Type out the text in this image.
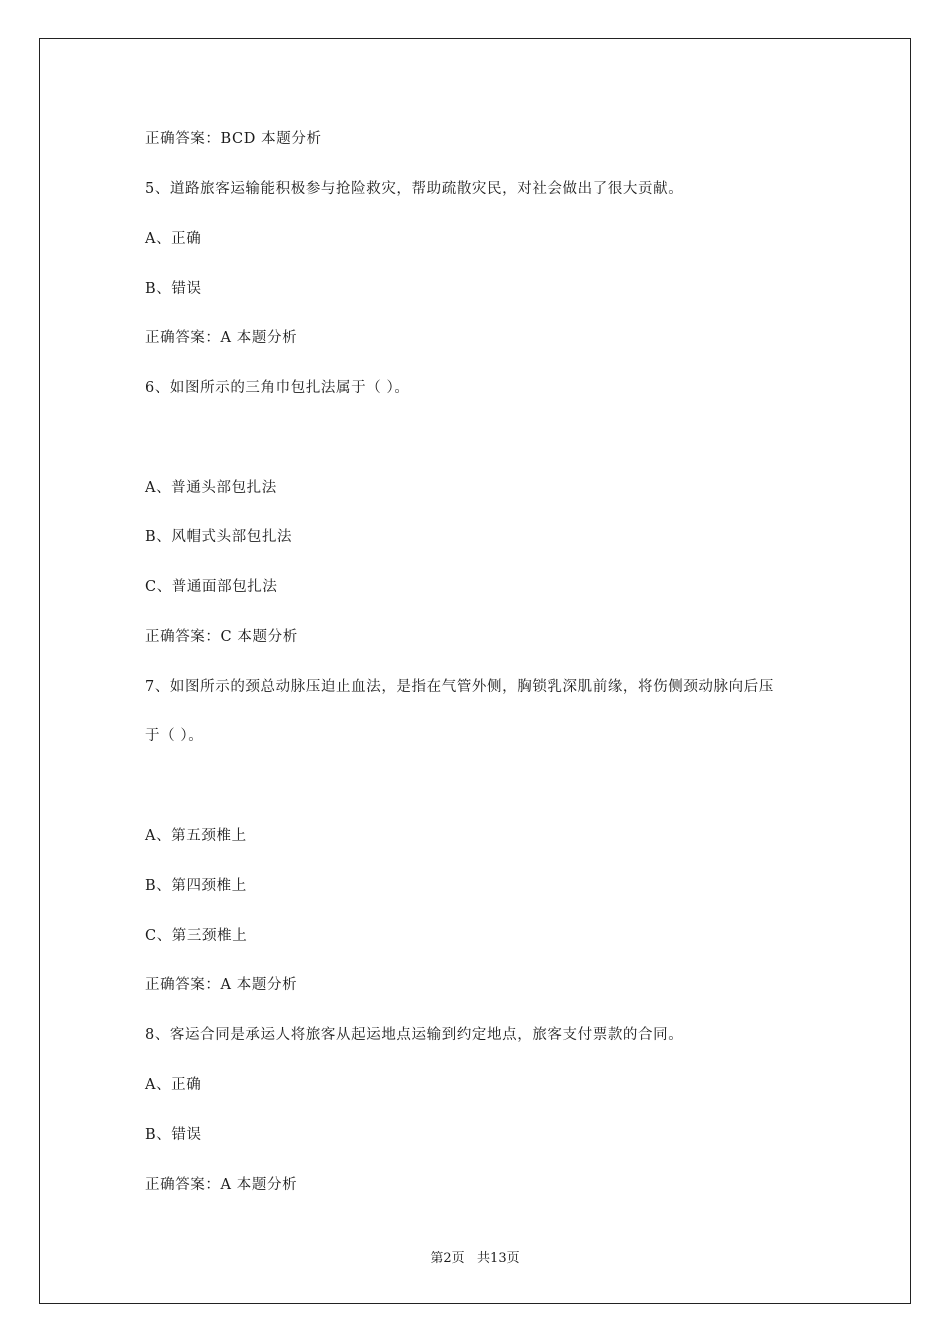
正确答案：BCD 本题分析
5、道路旅客运输能积极参与抢险救灾，帮助疏散灾民，对社会做出了很大贡献。
A、正确
B、错误
正确答案：A 本题分析
6、如图所示的三角巾包扎法属于（ ）。
A、普通头部包扎法
B、风帽式头部包扎法
C、普通面部包扎法
正确答案：C 本题分析
7、如图所示的颈总动脉压迫止血法，是指在气管外侧，胸锁乳深肌前缘，将伤侧颈动脉向后压
于（ ）。
A、第五颈椎上
B、第四颈椎上
C、第三颈椎上
正确答案：A 本题分析
8、客运合同是承运人将旅客从起运地点运输到约定地点，旅客支付票款的合同。
A、正确
B、错误
正确答案：A 本题分析
第2页   共13页
